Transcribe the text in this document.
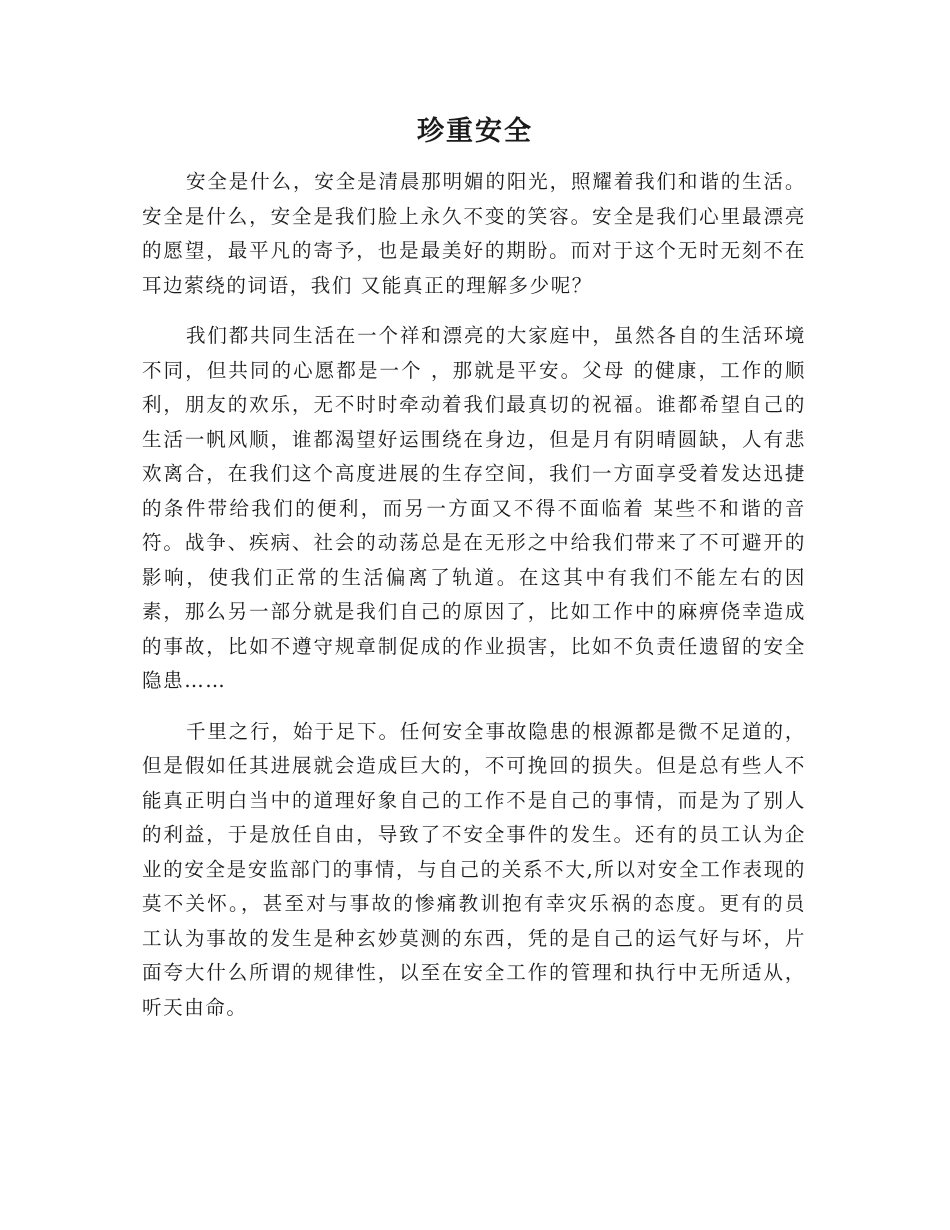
珍重安全

安全是什么，安全是清晨那明媚的阳光，照耀着我们和谐的生活。安全是什么，安全是我们脸上永久不变的笑容。安全是我们心里最漂亮的愿望，最平凡的寄予，也是最美好的期盼。而对于这个无时无刻不在耳边萦绕的词语，我们 又能真正的理解多少呢？

我们都共同生活在一个祥和漂亮的大家庭中，虽然各自的生活环境不同，但共同的心愿都是一个 ，那就是平安。父母 的健康，工作的顺利，朋友的欢乐，无不时时牵动着我们最真切的祝福。谁都希望自己的生活一帆风顺，谁都渴望好运围绕在身边，但是月有阴晴圆缺，人有悲欢离合，在我们这个高度进展的生存空间，我们一方面享受着发达迅捷的条件带给我们的便利，而另一方面又不得不面临着 某些不和谐的音符。战争、疾病、社会的动荡总是在无形之中给我们带来了不可避开的影响，使我们正常的生活偏离了轨道。在这其中有我们不能左右的因素，那么另一部分就是我们自己的原因了，比如工作中的麻痹侥幸造成的事故，比如不遵守规章制促成的作业损害，比如不负责任遗留的安全隐患……

千里之行，始于足下。任何安全事故隐患的根源都是微不足道的，但是假如任其进展就会造成巨大的，不可挽回的损失。但是总有些人不能真正明白当中的道理好象自己的工作不是自己的事情，而是为了别人的利益，于是放任自由，导致了不安全事件的发生。还有的员工认为企业的安全是安监部门的事情，与自己的关系不大,所以对安全工作表现的莫不关怀。，甚至对与事故的惨痛教训抱有幸灾乐祸的态度。更有的员工认为事故的发生是种玄妙莫测的东西，凭的是自己的运气好与坏，片面夸大什么所谓的规律性，以至在安全工作的管理和执行中无所适从，听天由命。
